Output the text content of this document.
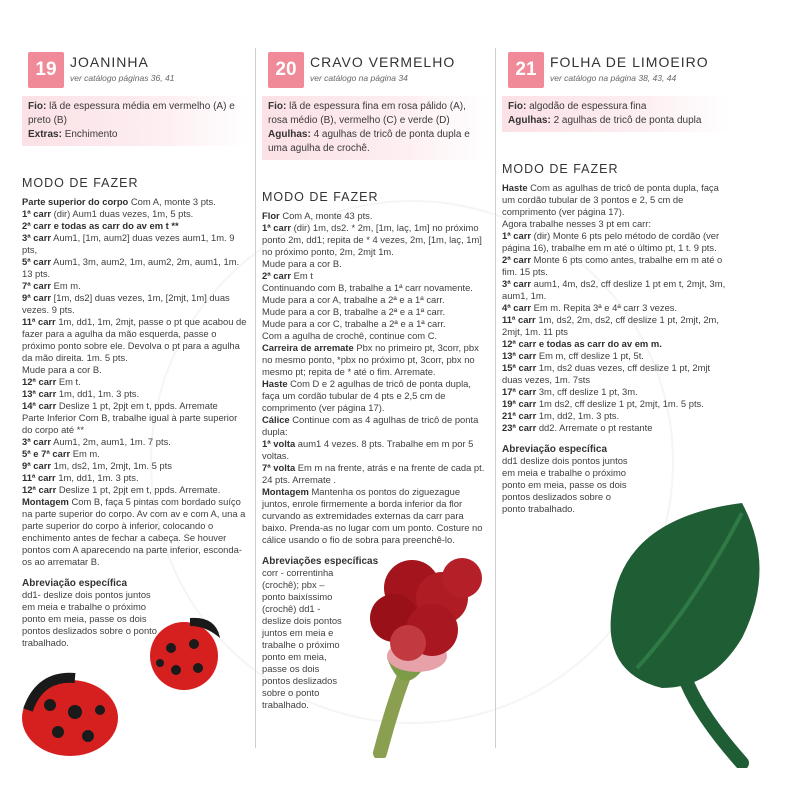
19 JOANINHA
ver catálogo páginas 36, 41
Fio: lã de espessura média em vermelho (A) e preto (B)
Extras: Enchimento
MODO DE FAZER

Parte superior do corpo Com A, monte 3 pts.

1ª carr (dir) Aum1 duas vezes, 1m, 5 pts.

2ª carr e todas as carr do av em t **

3ª carr Aum1, [1m, aum2] duas vezes aum1, 1m. 9 pts,

5ª carr Aum1, 3m, aum2, 1m, aum2, 2m, aum1, 1m. 13 pts.

7ª carr Em m.

9ª carr [1m, ds2] duas vezes, 1m, [2mjt, 1m] duas vezes. 9 pts.

11ª carr 1m, dd1, 1m, 2mjt, passe o pt que acabou de fazer para a agulha da mão esquerda, passe o próximo ponto sobre ele. Devolva o pt para a agulha da mão direita. 1m. 5 pts.

Mude para a cor B.

12ª carr Em t.

13ª carr 1m, dd1, 1m. 3 pts.

14ª carr Deslize 1 pt, 2pjt em t, ppds. Arremate

Parte Inferior Com B, trabalhe igual à parte superior do corpo até **

3ª carr Aum1, 2m, aum1, 1m. 7 pts.

5ª e 7ª carr Em m.

9ª carr 1m, ds2, 1m, 2mjt, 1m. 5 pts

11ª carr 1m, dd1, 1m. 3 pts.

12ª carr Deslize 1 pt, 2pjt em t, ppds. Arremate.

Montagem Com B, faça 5 pintas com bordado suíço na parte superior do corpo. Av com av e com A, una a parte superior do corpo à inferior, colocando o enchimento antes de fechar a cabeça. Se houver pontos com A aparecendo na parte inferior, esconda-os ao arrematar B.

Abreviação específica
dd1- deslize dois pontos juntos em meia e trabalhe o próximo ponto em meia, passe os dois pontos deslizados sobre o ponto trabalhado.
20 CRAVO VERMELHO
ver catálogo na página 34
Fio: lã de espessura fina em rosa pálido (A), rosa médio (B), vermelho (C) e verde (D)
Agulhas: 4 agulhas de tricô de ponta dupla e uma agulha de crochê.
MODO DE FAZER

Flor Com A, monte 43 pts.

1ª carr (dir) 1m, ds2. * 2m, [1m, laç, 1m] no próximo ponto 2m, dd1; repita de * 4 vezes, 2m, [1m, laç, 1m] no próximo ponto, 2m, 2mjt 1m.

Mude para a cor B.

2ª carr Em t

Continuando com B, trabalhe a 1ª carr novamente.

Mude para a cor A, trabalhe a 2ª e a 1ª carr.

Mude para a cor B, trabalhe a 2ª e a 1ª carr.

Mude para a cor C, trabalhe a 2ª e a 1ª carr.

Com a agulha de crochê, continue com C.

Carreira de arremate Pbx no primeiro pt, 3corr, pbx no mesmo ponto, *pbx no próximo pt, 3corr, pbx no mesmo pt; repita de * até o fim. Arremate.

Haste Com D e 2 agulhas de tricô de ponta dupla, faça um cordão tubular de 4 pts e 2,5 cm de comprimento (ver página 17).

Cálice Continue com as 4 agulhas de tricô de ponta dupla:

1ª volta aum1 4 vezes. 8 pts. Trabalhe em m por 5 voltas.

7ª volta Em m na frente, atrás e na frente de cada pt. 24 pts. Arremate .

Montagem Mantenha os pontos do ziguezague juntos, enrole firmemente a borda inferior da flor curvando as extremidades externas da carr para baixo. Prenda-as no lugar com um ponto. Costure no cálice usando o fio de sobra para preenchê-lo.

Abreviações específicas
corr - correntinha (crochê); pbx – ponto baixíssimo (crochê) dd1 - deslize dois pontos juntos em meia e trabalhe o próximo ponto em meia, passe os dois pontos deslizados sobre o ponto trabalhado.
21 FOLHA DE LIMOEIRO
ver catálogo na página 38, 43, 44
Fio: algodão de espessura fina
Agulhas: 2 agulhas de tricô de ponta dupla
MODO DE FAZER

Haste Com as agulhas de tricô de ponta dupla, faça um cordão tubular de 3 pontos e 2, 5 cm de comprimento (ver página 17).

Agora trabalhe nesses 3 pt em carr:

1ª carr (dir) Monte 6 pts pelo método de cordão (ver página 16), trabalhe em m até o último pt, 1 t. 9 pts.

2ª carr Monte 6 pts como antes, trabalhe em m até o fim. 15 pts.

3ª carr aum1, 4m, ds2, cff deslize 1 pt em t, 2mjt, 3m, aum1, 1m.

4ª carr Em m. Repita 3ª e 4ª carr 3 vezes.

11ª carr 1m, ds2, 2m, ds2, cff deslize 1 pt, 2mjt, 2m, 2mjt, 1m. 11 pts

12ª carr e todas as carr do av em m.

13ª carr Em m, cff deslize 1 pt, 5t.

15ª carr 1m, ds2 duas vezes, cff deslize 1 pt, 2mjt duas vezes, 1m. 7sts

17ª carr 3m, cff deslize 1 pt, 3m.

19ª carr 1m ds2, cff deslize 1 pt, 2mjt, 1m. 5 pts.

21ª carr 1m, dd2, 1m. 3 pts.

23ª carr dd2. Arremate o pt restante

Abreviação específica
dd1 deslize dois pontos juntos em meia e trabalhe o próximo ponto em meia, passe os dois pontos deslizados sobre o ponto trabalhado.
